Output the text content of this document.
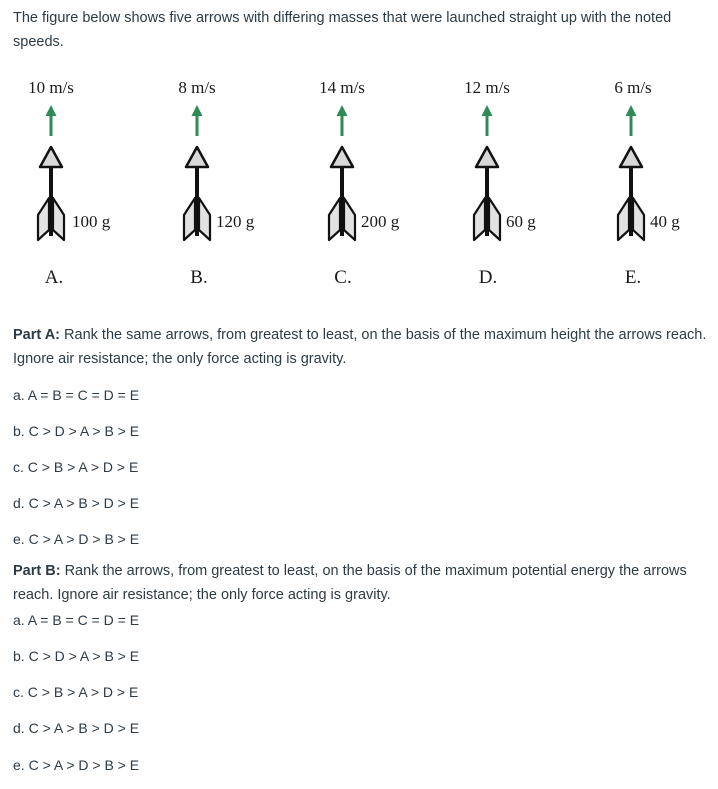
The figure below shows five arrows with differing masses that were launched straight up with the noted speeds.

10 m/s
100 g
A.
8 m/s
120 g
B.
14 m/s
200 g
C.
12 m/s
60 g
D.
6 m/s
40 g
E.

Part A: Rank the same arrows, from greatest to least, on the basis of the maximum height the arrows reach. Ignore air resistance; the only force acting is gravity.

a. A = B = C = D = E

b. C > D > A > B > E

c. C > B > A > D > E

d. C > A > B > D > E

e. C > A > D > B > E

Part B: Rank the arrows, from greatest to least, on the basis of the maximum potential energy the arrows reach. Ignore air resistance; the only force acting is gravity.

a. A = B = C = D = E

b. C > D > A > B > E

c. C > B > A > D > E

d. C > A > B > D > E

e. C > A > D > B > E
